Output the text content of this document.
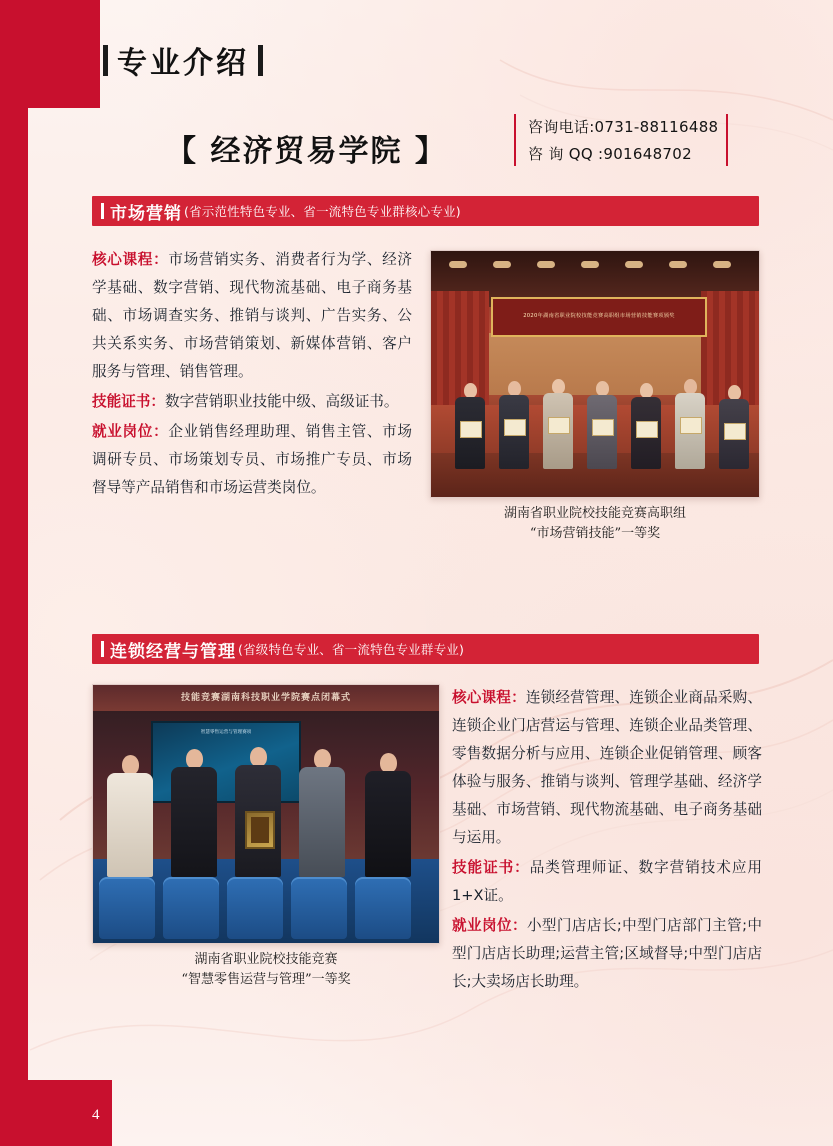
4
专业介绍
【 经济贸易学院 】
咨询电话:0731-88116488
咨 询 QQ :901648702
市场营销 (省示范性特色专业、省一流特色专业群核心专业)

核心课程：市场营销实务、消费者行为学、经济学基础、数字营销、现代物流基础、电子商务基础、市场调查实务、推销与谈判、广告实务、公共关系实务、市场营销策划、新媒体营销、客户服务与管理、销售管理。

技能证书：数字营销职业技能中级、高级证书。

就业岗位：企业销售经理助理、销售主管、市场调研专员、市场策划专员、市场推广专员、市场督导等产品销售和市场运营类岗位。

2020年湖南省职业院校技能竞赛高职组市场营销技能赛项颁奖
湖南省职业院校技能竞赛高职组
“市场营销技能”一等奖
连锁经营与管理 (省级特色专业、省一流特色专业群专业)
技能竞赛湖南科技职业学院赛点闭幕式
智慧零售运营与管理赛项
湖南省职业院校技能竞赛
“智慧零售运营与管理”一等奖

核心课程：连锁经营管理、连锁企业商品采购、连锁企业门店营运与管理、连锁企业品类管理、零售数据分析与应用、连锁企业促销管理、顾客体验与服务、推销与谈判、管理学基础、经济学基础、市场营销、现代物流基础、电子商务基础与运用。

技能证书：品类管理师证、数字营销技术应用1+X证。

就业岗位：小型门店店长;中型门店部门主管;中型门店店长助理;运营主管;区域督导;中型门店店长;大卖场店长助理。
